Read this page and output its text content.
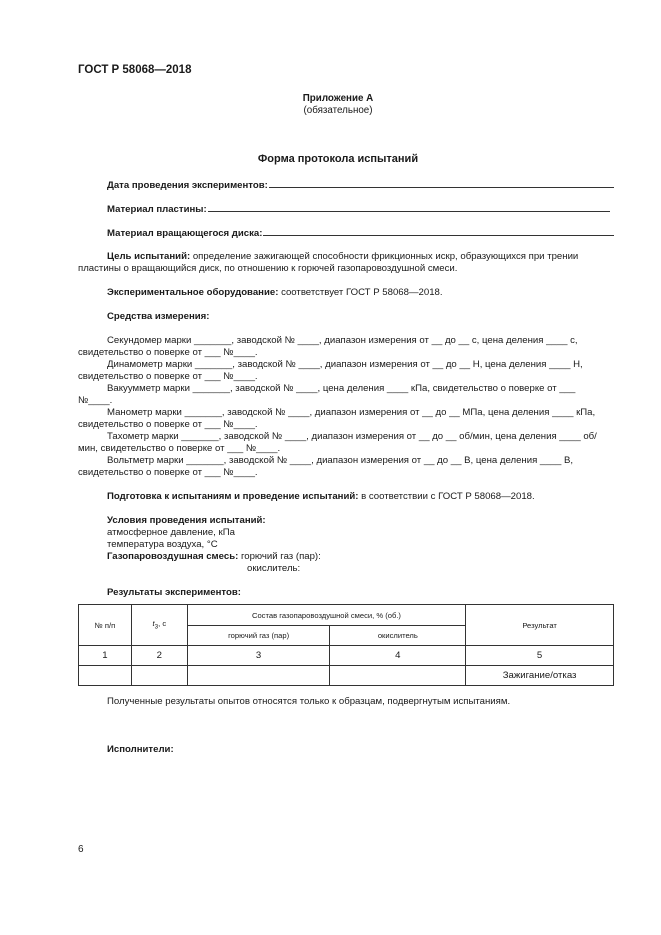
ГОСТ Р 58068—2018
Приложение А
(обязательное)
Форма протокола испытаний
Дата проведения экспериментов:
Материал пластины:
Материал вращающегося диска:
Цель испытаний: определение зажигающей способности фрикционных искр, образующихся при трении
пластины о вращающийся диск, по отношению к горючей газопаровоздушной смеси.
Экспериментальное оборудование: соответствует ГОСТ Р 58068—2018.
Средства измерения:
Секундомер марки _______, заводской № ____, диапазон измерения от __ до __ с, цена деления ____ с,
свидетельство о поверке от ___ №____.
Динамометр марки _______, заводской № ____, диапазон измерения от __ до __ Н, цена деления ____ Н,
свидетельство о поверке от ___ №____.
Вакуумметр марки _______, заводской № ____, цена деления ____ кПа, свидетельство о поверке от ___
№____.
Манометр марки _______, заводской № ____, диапазон измерения от __ до __ МПа, цена деления ____ кПа,
свидетельство о поверке от ___ №____.
Тахометр марки _______, заводской № ____, диапазон измерения от __ до __ об/мин, цена деления ____ об/
мин, свидетельство о поверке от ___ №____.
Вольтметр марки _______, заводской № ____, диапазон измерения от __ до __ В, цена деления ____ В,
свидетельство о поверке от ___ №____.
Подготовка к испытаниям и проведение испытаний: в соответствии с ГОСТ Р 58068—2018.
Условия проведения испытаний:
атмосферное давление, кПа
температура воздуха, °С
Газопаровоздушная смесь: горючий газ (пар):
окислитель:
Результаты экспериментов:
№ п/п	$t_3$, с	Состав газопаровоздушной смеси, % (об.)		Результат
		горючий газ (пар)	окислитель	
1	2	3	4	5
				Зажигание/отказ
Полученные результаты опытов относятся только к образцам, подвергнутым испытаниям.
Исполнители:
6
